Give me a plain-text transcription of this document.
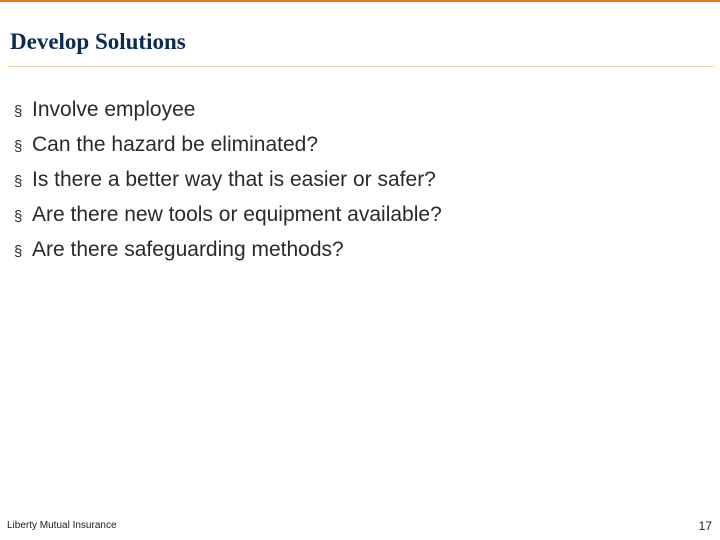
Develop Solutions
§ Involve employee
§ Can the hazard be eliminated?
§ Is there a better way that is easier or safer?
§ Are there new tools or equipment available?
§ Are there safeguarding methods?
Liberty Mutual Insurance	17
